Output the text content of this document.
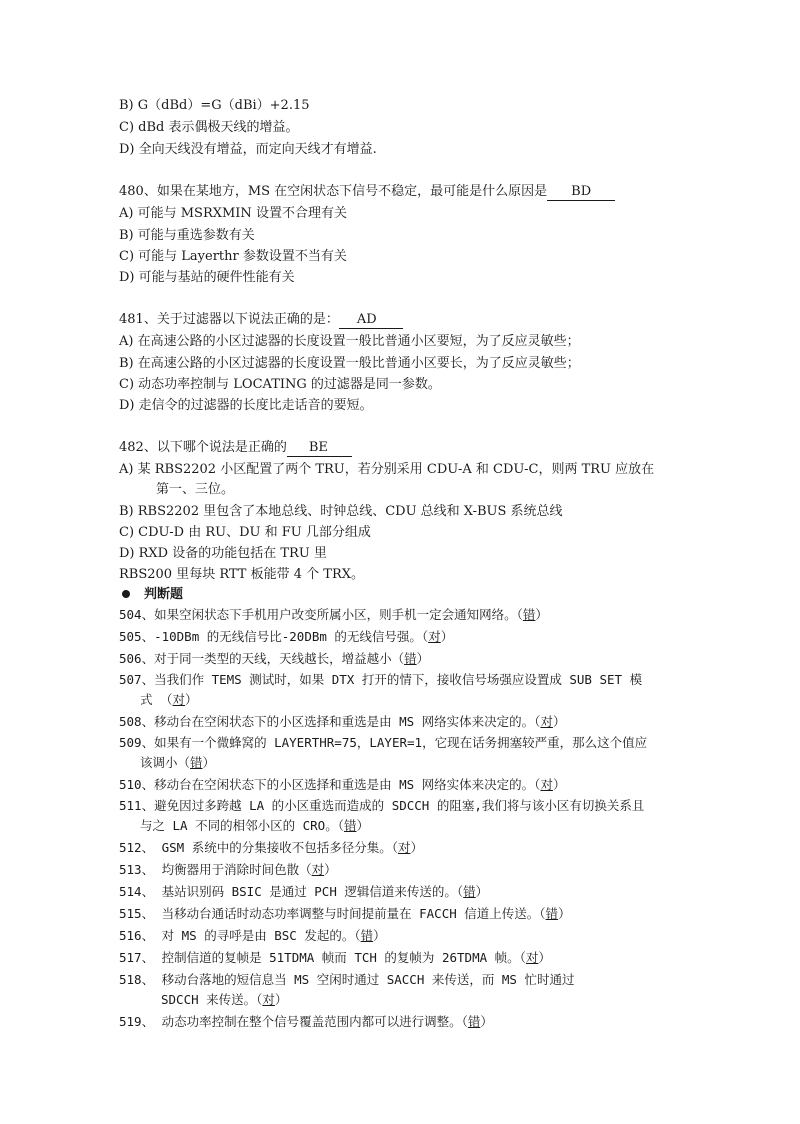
B) G（dBd）=G（dBi）+2.15
C) dBd 表示偶极天线的增益。
D) 全向天线没有增益，而定向天线才有增益.
480、如果在某地方，MS 在空闲状态下信号不稳定，最可能是什么原因是 BD
A) 可能与 MSRXMIN 设置不合理有关
B) 可能与重选参数有关
C) 可能与 Layerthr 参数设置不当有关
D) 可能与基站的硬件性能有关
481、关于过滤器以下说法正确的是： AD
A) 在高速公路的小区过滤器的长度设置一般比普通小区要短，为了反应灵敏些；
B) 在高速公路的小区过滤器的长度设置一般比普通小区要长，为了反应灵敏些；
C) 动态功率控制与 LOCATING 的过滤器是同一参数。
D) 走信令的过滤器的长度比走话音的要短。
482、以下哪个说法是正确的 BE
A) 某 RBS2202 小区配置了两个 TRU，若分别采用 CDU-A 和 CDU-C，则两 TRU 应放在
第一、三位。
B) RBS2202 里包含了本地总线、时钟总线、CDU 总线和 X-BUS 系统总线
C) CDU-D 由 RU、DU 和 FU 几部分组成
D) RXD 设备的功能包括在 TRU 里
RBS200 里每块 RTT 板能带 4 个 TRX。
判断题
504、如果空闲状态下手机用户改变所属小区，则手机一定会通知网络。（错）
505、-10DBm 的无线信号比-20DBm 的无线信号强。（对）
506、对于同一类型的天线，天线越长，增益越小（错）
507、当我们作 TEMS 测试时，如果 DTX 打开的情下，接收信号场强应设置成 SUB SET 模
式 （对）
508、移动台在空闲状态下的小区选择和重选是由 MS 网络实体来决定的。（对）
509、如果有一个微蜂窝的 LAYERTHR=75，LAYER=1，它现在话务拥塞较严重，那么这个值应
该调小（错）
510、移动台在空闲状态下的小区选择和重选是由 MS 网络实体来决定的。（对）
511、避免因过多跨越 LA 的小区重选而造成的 SDCCH 的阻塞,我们将与该小区有切换关系且
与之 LA 不同的相邻小区的 CRO。（错）
512、 GSM 系统中的分集接收不包括多径分集。（对）
513、 均衡器用于消除时间色散（对）
514、 基站识别码 BSIC 是通过 PCH 逻辑信道来传送的。（错）
515、 当移动台通话时动态功率调整与时间提前量在 FACCH 信道上传送。（错）
516、 对 MS 的寻呼是由 BSC 发起的。（错）
517、 控制信道的复帧是 51TDMA 帧而 TCH 的复帧为 26TDMA 帧。（对）
518、 移动台落地的短信息当 MS 空闲时通过 SACCH 来传送，而 MS 忙时通过
SDCCH 来传送。（对）
519、 动态功率控制在整个信号覆盖范围内都可以进行调整。（错）
